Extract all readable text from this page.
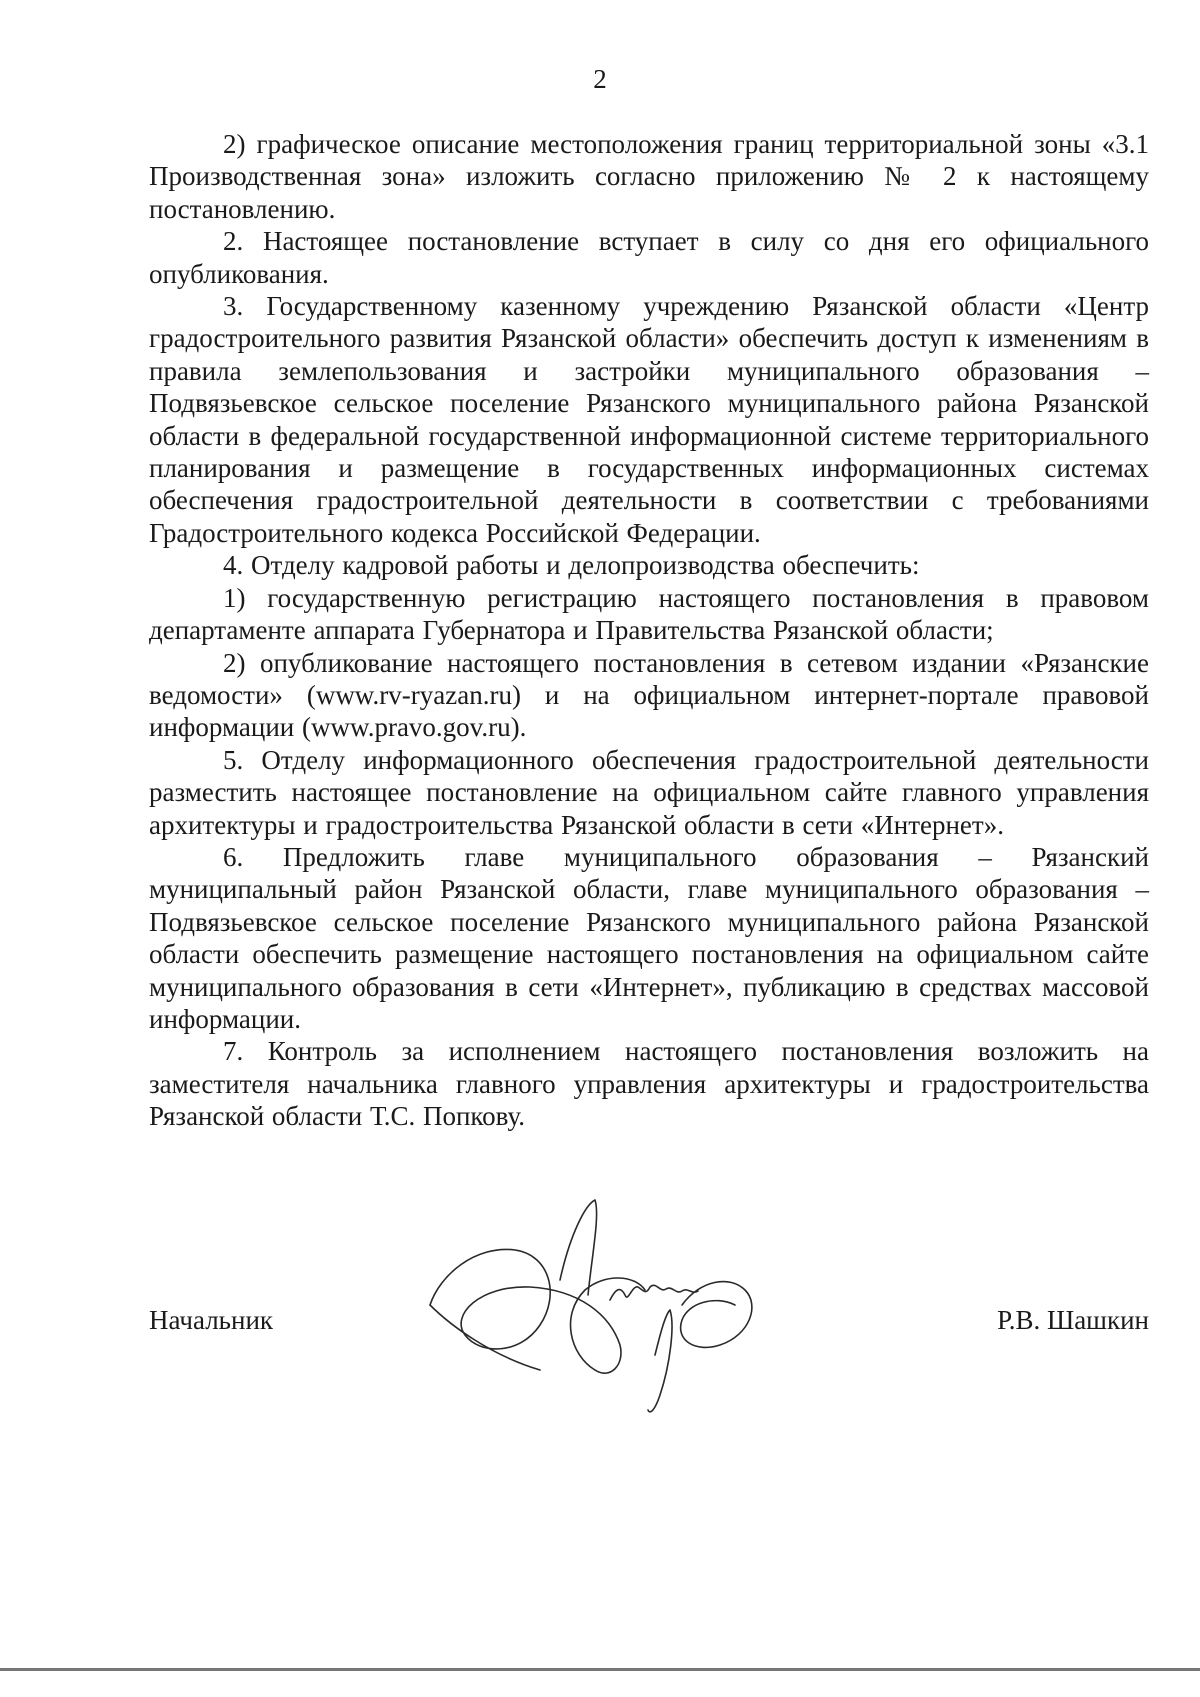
2

2) графическое описание местоположения границ территориальной зоны «3.1 Производственная зона» изложить согласно приложению № 2 к настоящему постановлению.

2. Настоящее постановление вступает в силу со дня его официального опубликования.

3. Государственному казенному учреждению Рязанской области «Центр градостроительного развития Рязанской области» обеспечить доступ к изменениям в правила землепользования и застройки муниципального образования – Подвязьевское сельское поселение Рязанского муниципального района Рязанской области в федеральной государственной информационной системе территориального планирования и размещение в государственных информационных системах обеспечения градостроительной деятельности в соответствии с требованиями Градостроительного кодекса Российской Федерации.

4. Отделу кадровой работы и делопроизводства обеспечить:

1) государственную регистрацию настоящего постановления в правовом департаменте аппарата Губернатора и Правительства Рязанской области;

2) опубликование настоящего постановления в сетевом издании «Рязанские ведомости» (www.rv-ryazan.ru) и на официальном интернет-портале правовой информации (www.pravo.gov.ru).

5. Отделу информационного обеспечения градостроительной деятельности разместить настоящее постановление на официальном сайте главного управления архитектуры и градостроительства Рязанской области в сети «Интернет».

6. Предложить главе муниципального образования – Рязанский муниципальный район Рязанской области, главе муниципального образования – Подвязьевское сельское поселение Рязанского муниципального района Рязанской области обеспечить размещение настоящего постановления на официальном сайте муниципального образования в сети «Интернет», публикацию в средствах массовой информации.

7. Контроль за исполнением настоящего постановления возложить на заместителя начальника главного управления архитектуры и градостроительства Рязанской области Т.С. Попкову.

Начальник	Р.В. Шашкин
